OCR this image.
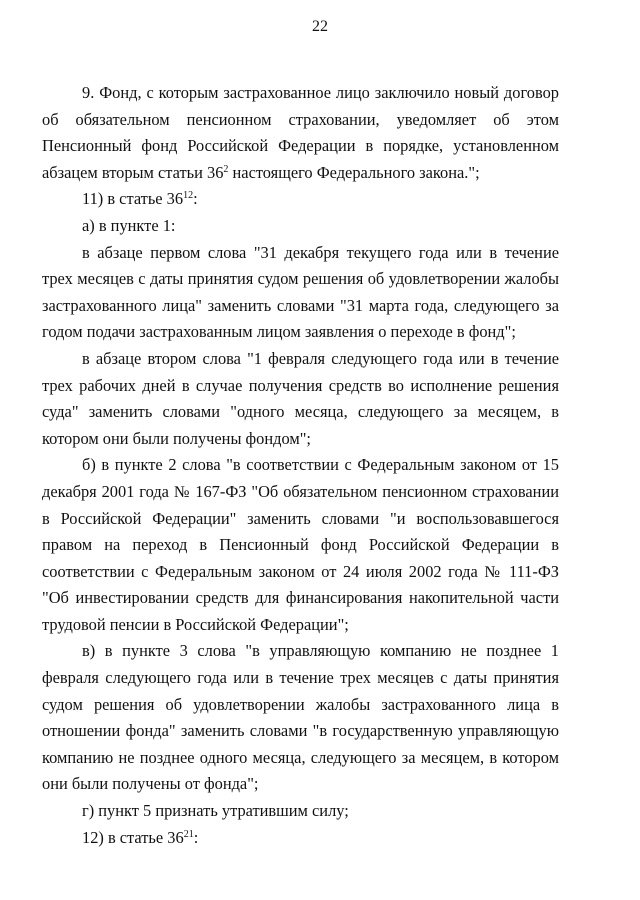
22

9. Фонд, с которым застрахованное лицо заключило новый договор об обязательном пенсионном страховании, уведомляет об этом Пенсионный фонд Российской Федерации в порядке, установленном абзацем вторым статьи $36^2$ настоящего Федерального закона.";

11) в статье $36^{12}$:

а) в пункте 1:

в абзаце первом слова "31 декабря текущего года или в течение трех месяцев с даты принятия судом решения об удовлетворении жалобы застрахованного лица" заменить словами "31 марта года, следующего за годом подачи застрахованным лицом заявления о переходе в фонд";

в абзаце втором слова "1 февраля следующего года или в течение трех рабочих дней в случае получения средств во исполнение решения суда" заменить словами "одного месяца, следующего за месяцем, в котором они были получены фондом";

б) в пункте 2 слова "в соответствии с Федеральным законом от 15 декабря 2001 года № 167-ФЗ "Об обязательном пенсионном страховании в Российской Федерации" заменить словами "и воспользовавшегося правом на переход в Пенсионный фонд Российской Федерации в соответствии с Федеральным законом от 24 июля 2002 года № 111-ФЗ "Об инвестировании средств для финансирования накопительной части трудовой пенсии в Российской Федерации";

в) в пункте 3 слова "в управляющую компанию не позднее 1 февраля следующего года или в течение трех месяцев с даты принятия судом решения об удовлетворении жалобы застрахованного лица в отношении фонда" заменить словами "в государственную управляющую компанию не позднее одного месяца, следующего за месяцем, в котором они были получены от фонда";

г) пункт 5 признать утратившим силу;

12) в статье $36^{21}$:
